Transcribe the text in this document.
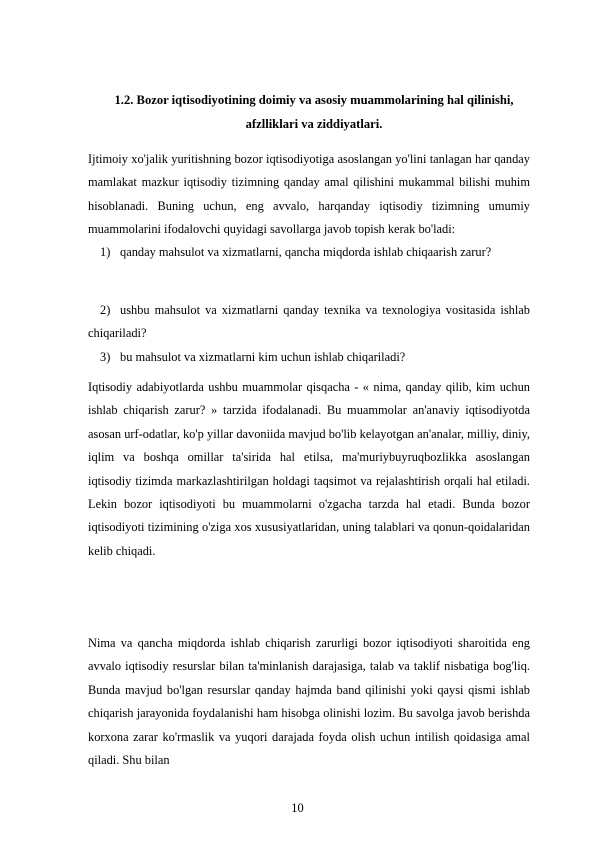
1.2. Bozor iqtisodiyotining doimiy va asosiy muammolarining hal qilinishi,
afzlliklari va ziddiyatlari.
Ijtimoiy xo'jalik yuritishning bozor iqtisodiyotiga asoslangan yo'lini tanlagan har qanday mamlakat mazkur iqtisodiy tizimning qanday amal qilishini mukammal bilishi muhim hisoblanadi. Buning uchun, eng avvalo, harqanday iqtisodiy tizimning umumiy muammolarini ifodalovchi quyidagi savollarga javob topish kerak bo'ladi:
1) qanday mahsulot va xizmatlarni, qancha miqdorda ishlab chiqaarish zarur?
2) ushbu mahsulot va xizmatlarni qanday texnika va texnologiya vositasida ishlab chiqariladi?
3) bu mahsulot va xizmatlarni kim uchun ishlab chiqariladi?
Iqtisodiy adabiyotlarda ushbu muammolar qisqacha - « nima, qanday qilib, kim uchun ishlab chiqarish zarur? » tarzida ifodalanadi. Bu muammolar an'anaviy iqtisodiyotda asosan urf-odatlar, ko'p yillar davoniida mavjud bo'lib kelayotgan an'analar, milliy, diniy, iqlim va boshqa omillar ta'sirida hal etilsa, ma'muriybuyruqbozlikka asoslangan iqtisodiy tizimda markazlashtirilgan holdagi taqsimot va rejalashtirish orqali hal etiladi. Lekin bozor iqtisodiyoti bu muammolarni o'zgacha tarzda hal etadi. Bunda bozor iqtisodiyoti tizimining o'ziga xos xususiyatlaridan, uning talablari va qonun-qoidalaridan kelib chiqadi.
Nima va qancha miqdorda ishlab chiqarish zarurligi bozor iqtisodiyoti sharoitida eng avvalo iqtisodiy resurslar bilan ta'minlanish darajasiga, talab va taklif nisbatiga bog'liq. Bunda mavjud bo'lgan resurslar qanday hajmda band qilinishi yoki qaysi qismi ishlab chiqarish jarayonida foydalanishi ham hisobga olinishi lozim. Bu savolga javob berishda korxona zarar ko'rmaslik va yuqori darajada foyda olish uchun intilish qoidasiga amal qiladi. Shu bilan
10
